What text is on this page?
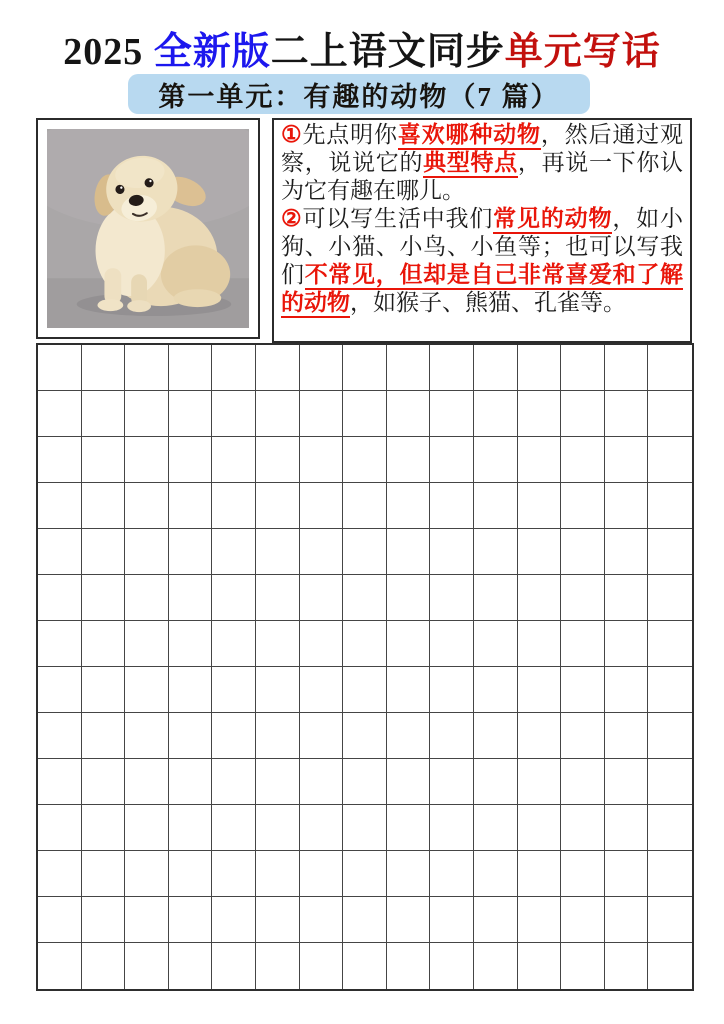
2025 全新版二上语文同步单元写话
第一单元：有趣的动物（7 篇）

①先点明你喜欢哪种动物，然后通过观察，说说它的典型特点，再说一下你认为它有趣在哪儿。

②可以写生活中我们常见的动物，如小狗、小猫、小鸟、小鱼等；也可以写我们不常见，但却是自己非常喜爱和了解的动物，如猴子、熊猫、孔雀等。
